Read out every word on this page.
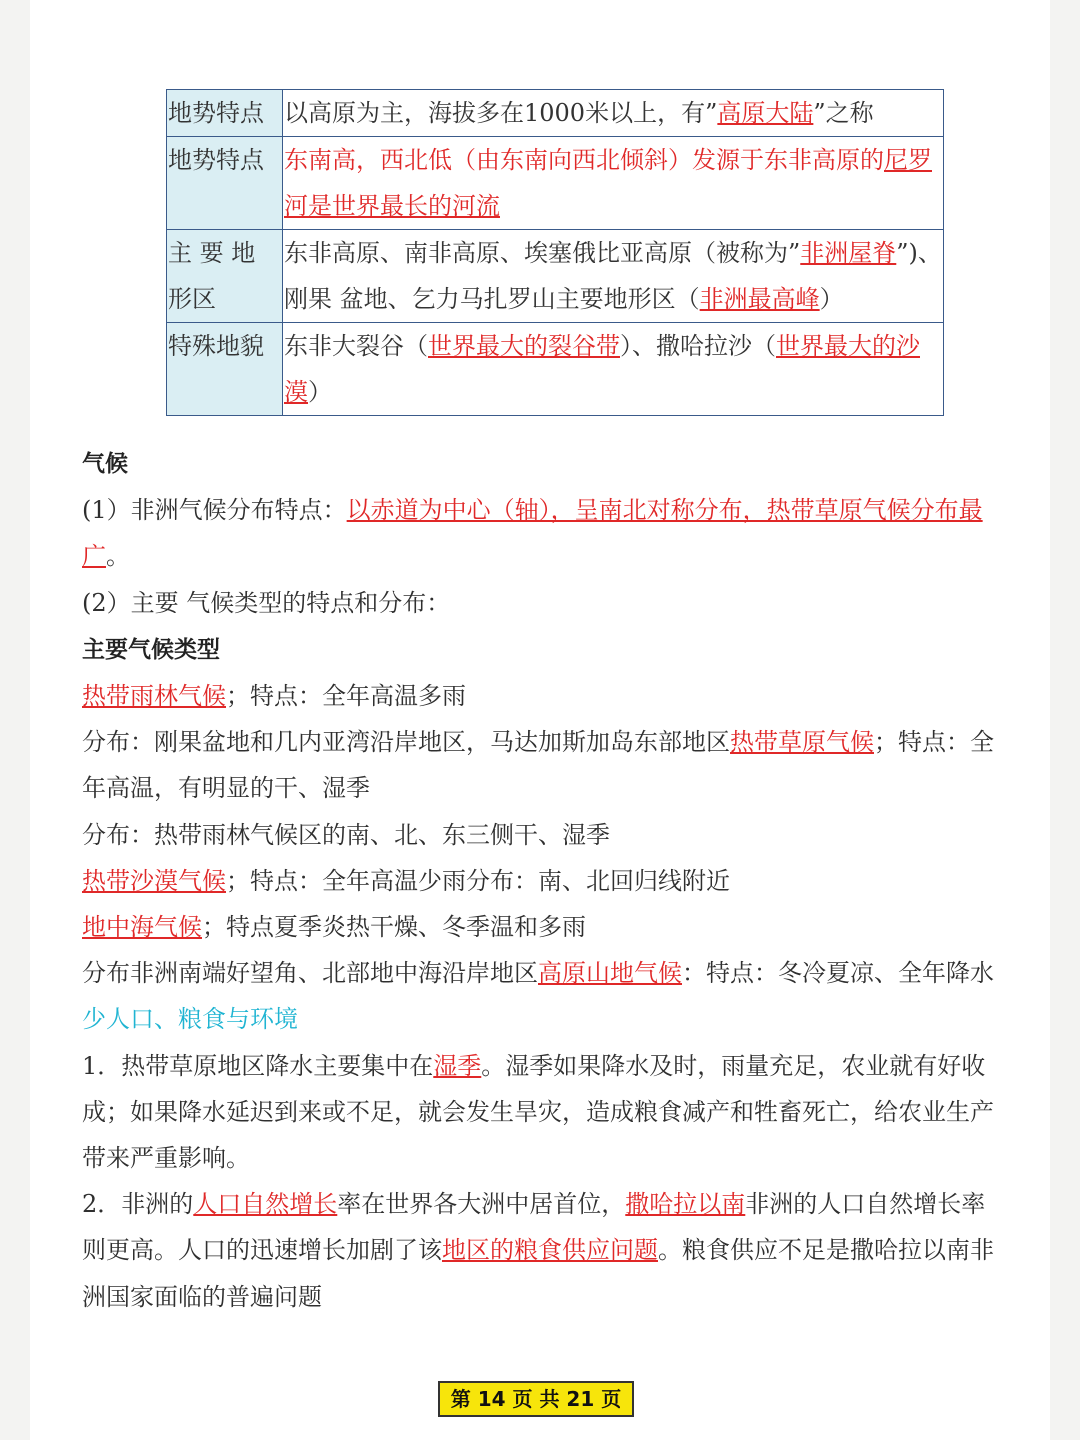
地势特点	以高原为主，海拔多在1000米以上，有”高原大陆”之称
地势特点	东南高，西北低（由东南向西北倾斜）发源于东非高原的尼罗河是世界最长的河流
主 要 地 形区	东非高原、南非高原、埃塞俄比亚高原（被称为”非洲屋脊”)、刚果 盆地、乞力马扎罗山主要地形区（非洲最高峰）
特殊地貌	东非大裂谷（世界最大的裂谷带）、撒哈拉沙（世界最大的沙漠）

气候

(1）非洲气候分布特点：以赤道为中心（轴），呈南北对称分布，热带草原气候分布最广。

(2）主要 气候类型的特点和分布：

主要气候类型

热带雨林气候；特点：全年高温多雨

分布：刚果盆地和几内亚湾沿岸地区，马达加斯加岛东部地区热带草原气候；特点：全年高温，有明显的干、湿季

分布：热带雨林气候区的南、北、东三侧干、湿季

热带沙漠气候；特点：全年高温少雨分布：南、北回归线附近

地中海气候；特点夏季炎热干燥、冬季温和多雨

分布非洲南端好望角、北部地中海沿岸地区高原山地气候：特点：冬冷夏凉、全年降水少人口、粮食与环境

1．热带草原地区降水主要集中在湿季。湿季如果降水及时，雨量充足，农业就有好收成；如果降水延迟到来或不足，就会发生旱灾，造成粮食减产和牲畜死亡，给农业生产带来严重影响。

2．非洲的人口自然增长率在世界各大洲中居首位，撒哈拉以南非洲的人口自然增长率则更高。人口的迅速增长加剧了该地区的粮食供应问题。粮食供应不足是撒哈拉以南非洲国家面临的普遍问题

第 14 页 共 21 页
